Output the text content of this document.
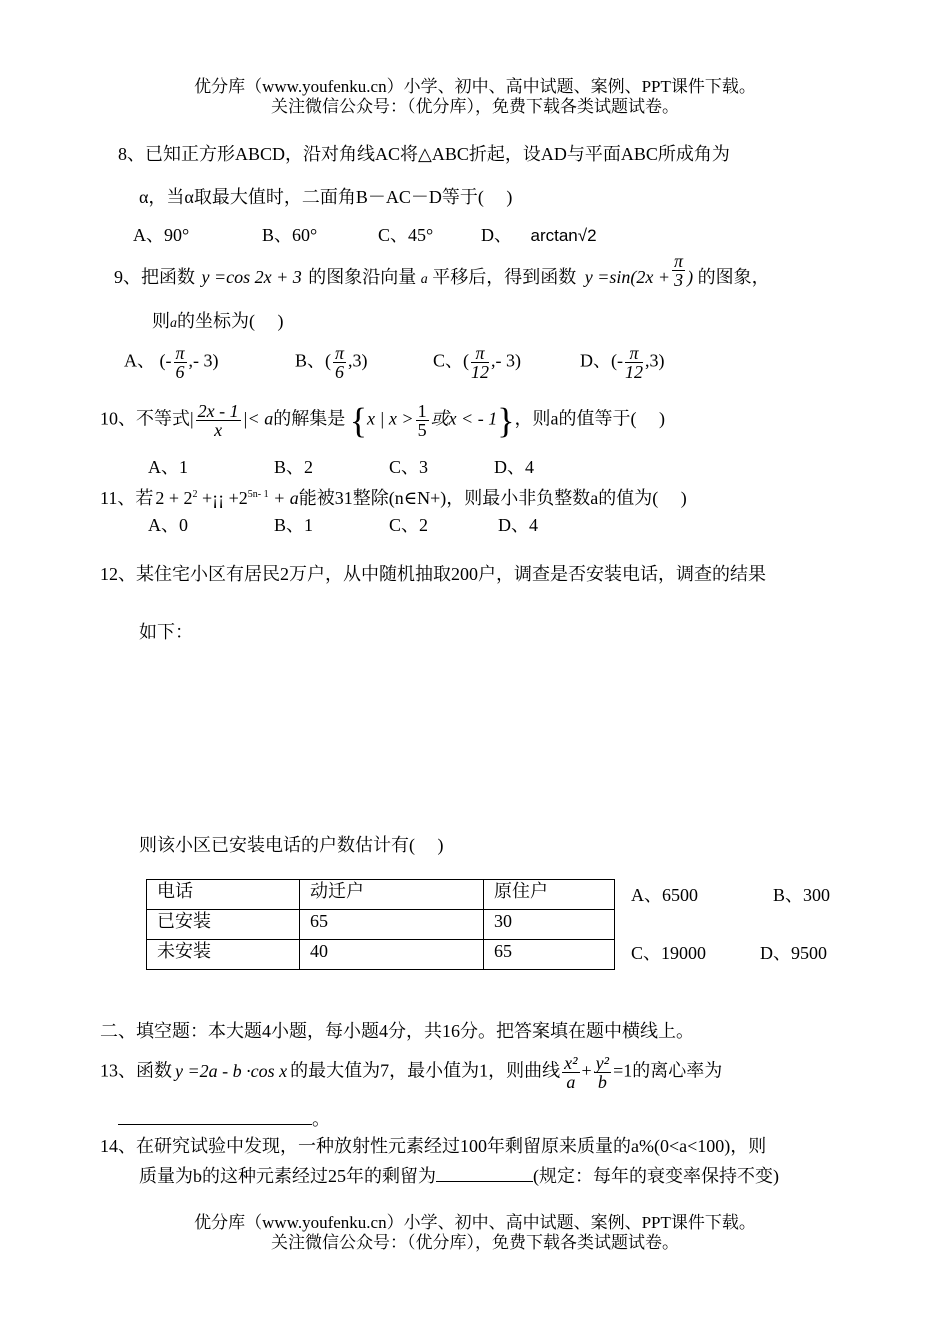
优分库（www.youfenku.cn）小学、初中、高中试题、案例、PPT课件下载。
关注微信公众号：（优分库），免费下载各类试题试卷。
8、已知正方形ABCD，沿对角线AC将△ABC折起，设AD与平面ABC所成角为
α，当α取最大值时，二面角B－AC－D等于(　 )
A、90°	B、60°	C、45°	D、 arctan√2
9、把函数 y =cos 2x + 3 的图象沿向量 a 平移后，得到函数 $y =\sin(2x + \frac{\pi}{3}$ ) 的图象，
则a的坐标为(　 )
A、 (- $\frac{\pi}{6}$ ,- 3)	B、( $\frac{\pi}{6} ,3$)	C、( $\frac{\pi}{12}$ ,- 3)	D、(- $\frac{\pi}{12} ,3$)
10、不等式| $\frac{2x - 1}{x}$ |< a的解集是 {x | $x > \frac{1}{5}$ 或x < - 1}，则a的值等于(　 )
A、1	B、2	C、3	D、4
11、若 $2 + 2^2$ +¡¡ $+2^{5n- 1} + a$能被31整除(n∈N+)，则最小非负整数a的值为(　 )
A、0	B、1	C、2	D、4
12、某住宅小区有居民2万户，从中随机抽取200户，调查是否安装电话，调查的结果
如下：
则该小区已安装电话的户数估计有(　 )
电话	动迁户	原住户
已安装	65	30
未安装	40	65
A、6500	B、300
C、19000	D、9500
二、填空题：本大题4小题，每小题4分，共16分。把答案填在题中横线上。
13、函数 y =2a - b ·cos x 的最大值为7，最小值为1，则曲线 $\frac{\text{x²}}{a} + \frac{\text{y²}}{b} =1$的离心率为
。
14、在研究试验中发现，一种放射性元素经过100年剩留原来质量的a%(0<a<100)，则
质量为b的这种元素经过25年的剩留为	(规定：每年的衰变率保持不变)
优分库（www.youfenku.cn）小学、初中、高中试题、案例、PPT课件下载。
关注微信公众号：（优分库），免费下载各类试题试卷。
